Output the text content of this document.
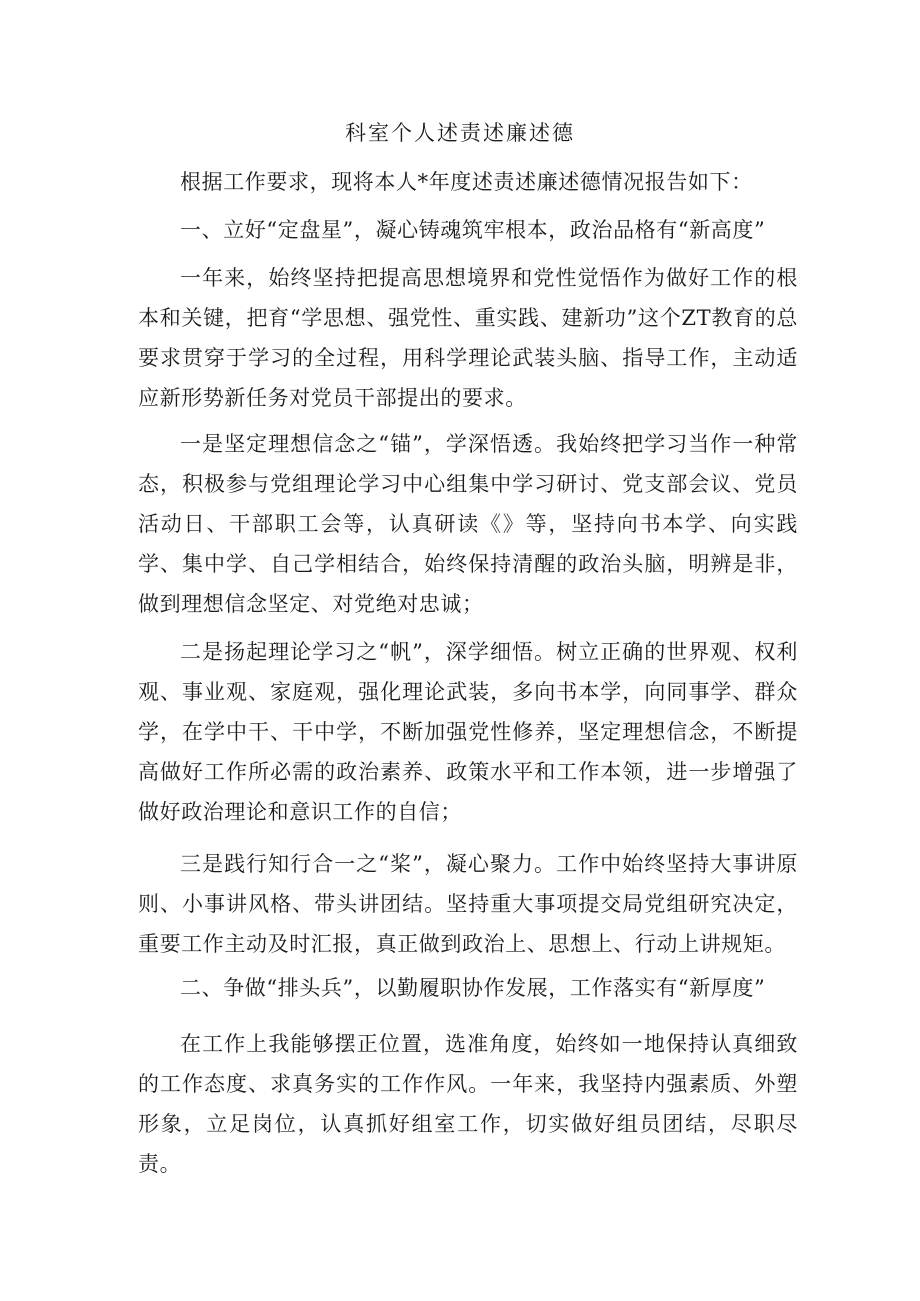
科室个人述责述廉述德

根据工作要求，现将本人*年度述责述廉述德情况报告如下：

一、立好“定盘星”，凝心铸魂筑牢根本，政治品格有“新高度”

一年来，始终坚持把提高思想境界和党性觉悟作为做好工作的根本和关键，把育“学思想、强党性、重实践、建新功”这个ZT教育的总要求贯穿于学习的全过程，用科学理论武装头脑、指导工作，主动适应新形势新任务对党员干部提出的要求。

一是坚定理想信念之“锚”，学深悟透。我始终把学习当作一种常态，积极参与党组理论学习中心组集中学习研讨、党支部会议、党员活动日、干部职工会等，认真研读《》等，坚持向书本学、向实践学、集中学、自己学相结合，始终保持清醒的政治头脑，明辨是非，做到理想信念坚定、对党绝对忠诚；

二是扬起理论学习之“帆”，深学细悟。树立正确的世界观、权利观、事业观、家庭观，强化理论武装，多向书本学，向同事学、群众学，在学中干、干中学，不断加强党性修养，坚定理想信念，不断提高做好工作所必需的政治素养、政策水平和工作本领，进一步增强了做好政治理论和意识工作的自信；

三是践行知行合一之“桨”，凝心聚力。工作中始终坚持大事讲原则、小事讲风格、带头讲团结。坚持重大事项提交局党组研究决定，重要工作主动及时汇报，真正做到政治上、思想上、行动上讲规矩。

二、争做“排头兵”，以勤履职协作发展，工作落实有“新厚度”

在工作上我能够摆正位置，选准角度，始终如一地保持认真细致的工作态度、求真务实的工作作风。一年来，我坚持内强素质、外塑形象，立足岗位，认真抓好组室工作，切实做好组员团结，尽职尽责。
